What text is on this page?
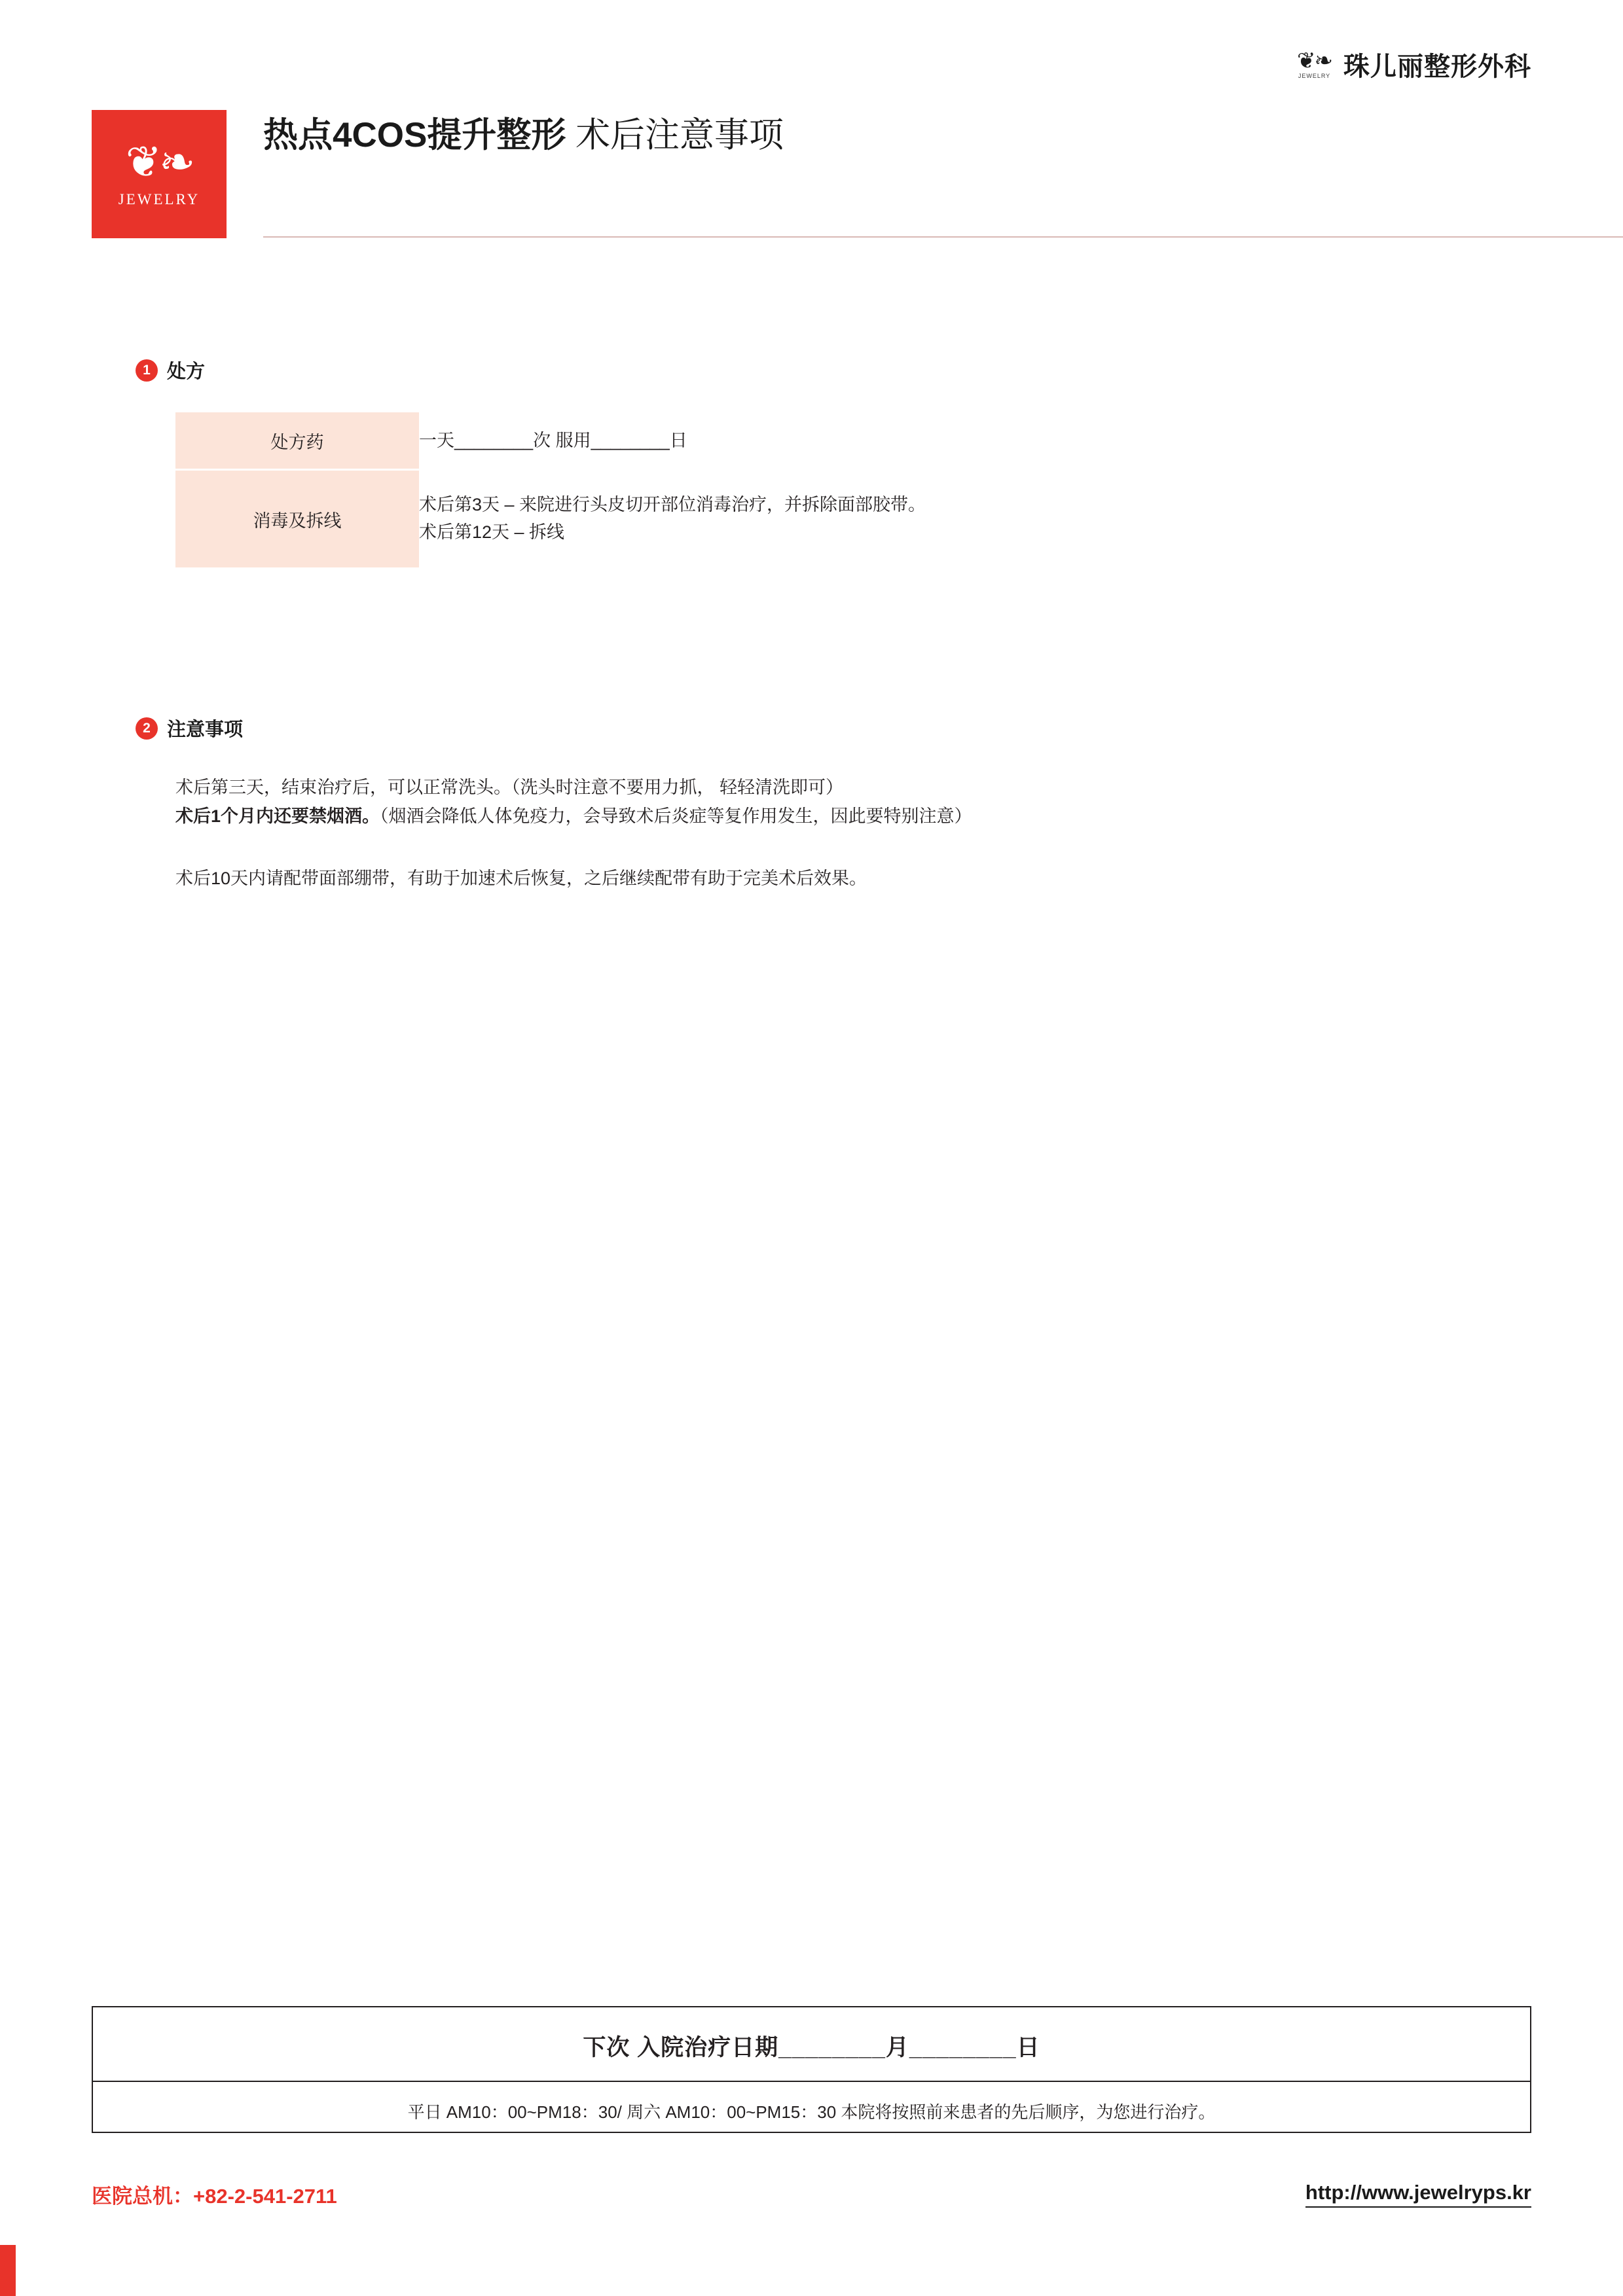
❦❧
JEWELRY 珠儿丽整形外科
❦❧
JEWELRY
热点4COS提升整形 术后注意事项
1 处方
处方药	一天________次 服用________日
消毒及拆线	术后第3天 – 来院进行头皮切开部位消毒治疗，并拆除面部胶带。
术后第12天 – 拆线
2 注意事项
术后第三天，结束治疗后，可以正常洗头。（洗头时注意不要用力抓， 轻轻清洗即可）
术后1个月内还要禁烟酒。（烟酒会降低人体免疫力，会导致术后炎症等复作用发生，因此要特别注意）
术后10天内请配带面部绷带，有助于加速术后恢复，之后继续配带有助于完美术后效果。
下次 入院治疗日期________月________日
平日 AM10：00~PM18：30/ 周六 AM10：00~PM15：30 本院将按照前来患者的先后顺序，为您进行治疗。
医院总机：+82-2-541-2711	http://www.jewelryps.kr
